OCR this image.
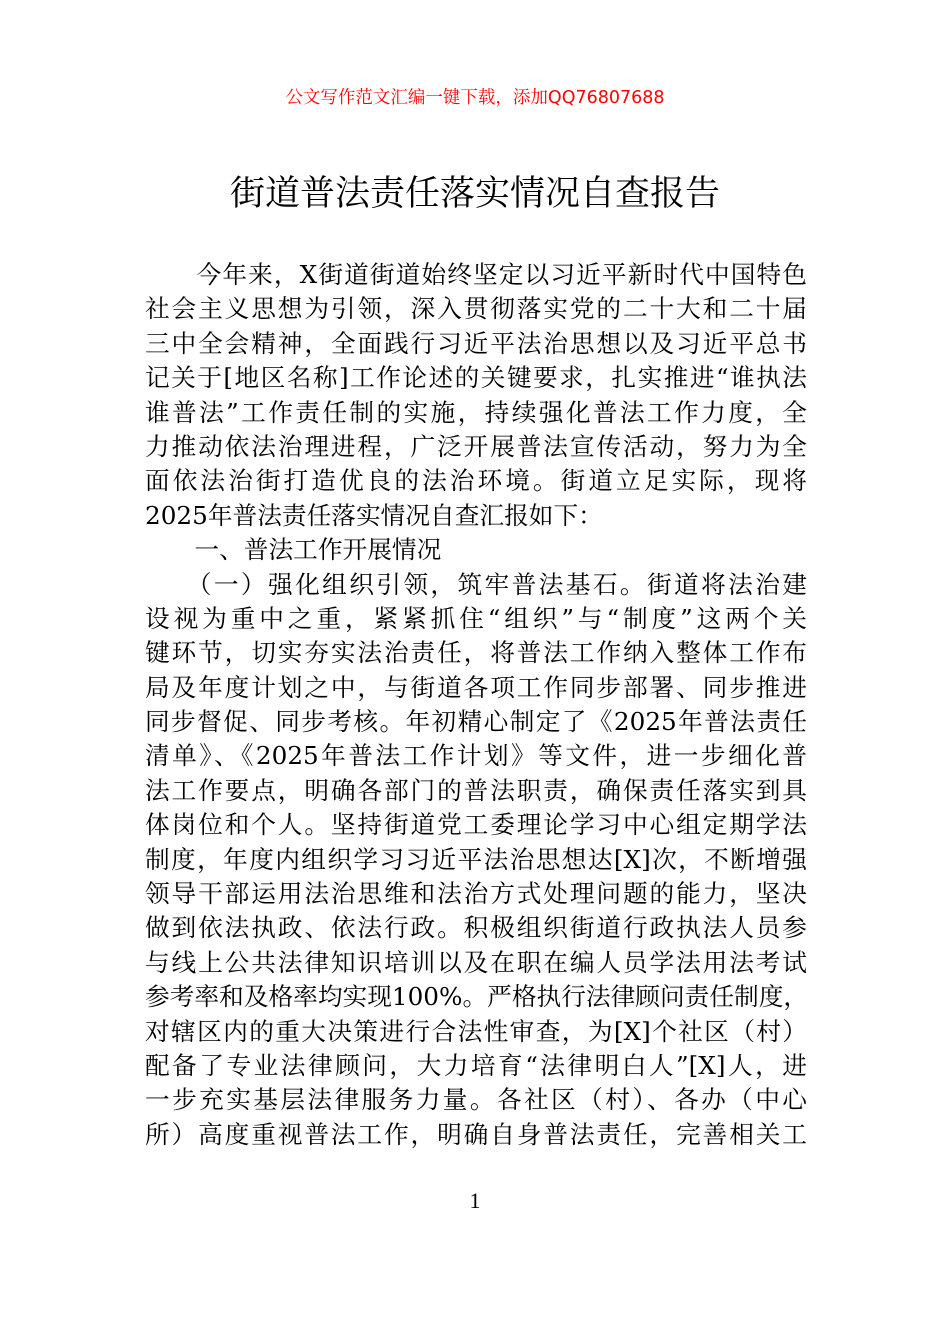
公文写作范文汇编一键下载，添加QQ76807688
街道普法责任落实情况自查报告
　　今年来，X街道街道始终坚定以习近平新时代中国特色
社会主义思想为引领，深入贯彻落实党的二十大和二十届
三中全会精神，全面践行习近平法治思想以及习近平总书
记关于[地区名称]工作论述的关键要求，扎实推进“谁执法
谁普法”工作责任制的实施，持续强化普法工作力度，全
力推动依法治理进程，广泛开展普法宣传活动，努力为全
面依法治街打造优良的法治环境。街道立足实际，现将
2025年普法责任落实情况自查汇报如下：
　　一、普法工作开展情况
　　（一）强化组织引领，筑牢普法基石。街道将法治建
设视为重中之重，紧紧抓住“组织”与“制度”这两个关
键环节，切实夯实法治责任，将普法工作纳入整体工作布
局及年度计划之中，与街道各项工作同步部署、同步推进
同步督促、同步考核。年初精心制定了《2025年普法责任
清单》、《2025年普法工作计划》等文件，进一步细化普
法工作要点，明确各部门的普法职责，确保责任落实到具
体岗位和个人。坚持街道党工委理论学习中心组定期学法
制度，年度内组织学习习近平法治思想达[X]次，不断增强
领导干部运用法治思维和法治方式处理问题的能力，坚决
做到依法执政、依法行政。积极组织街道行政执法人员参
与线上公共法律知识培训以及在职在编人员学法用法考试
参考率和及格率均实现100%。严格执行法律顾问责任制度，
对辖区内的重大决策进行合法性审查，为[X]个社区（村）
配备了专业法律顾问，大力培育“法律明白人”[X]人，进
一步充实基层法律服务力量。各社区（村）、各办（中心
所）高度重视普法工作，明确自身普法责任，完善相关工
1
